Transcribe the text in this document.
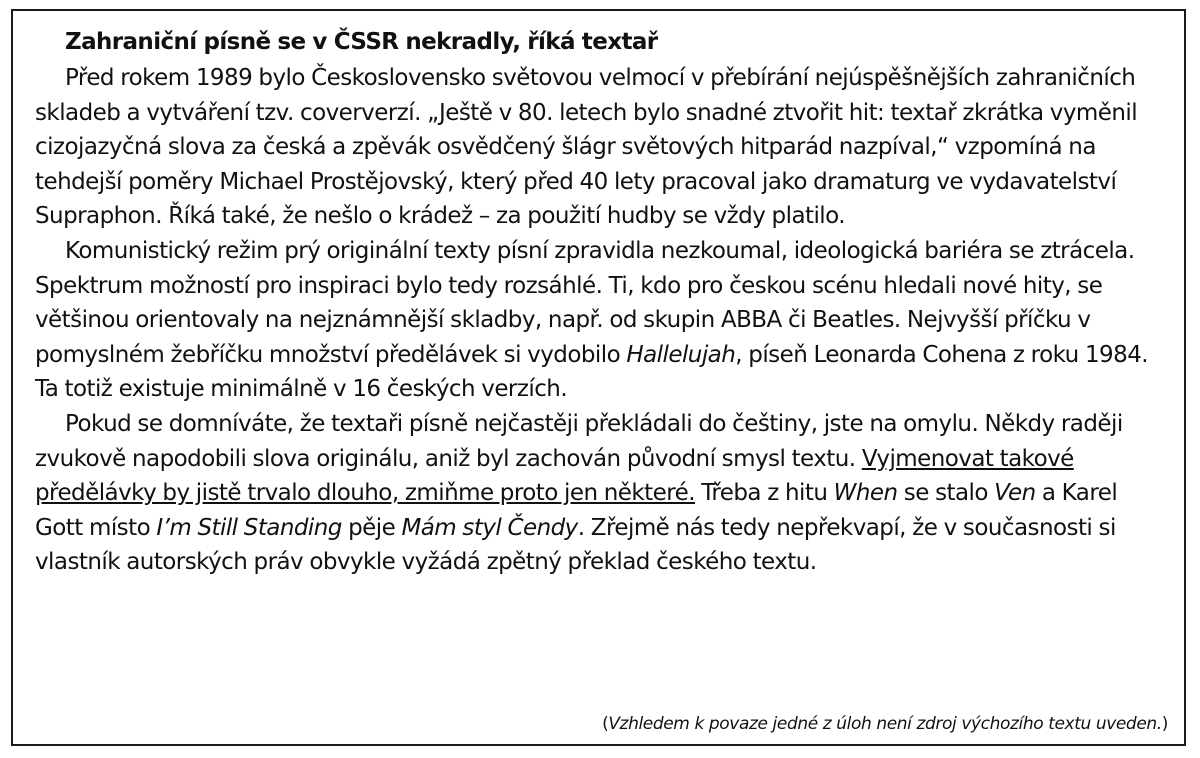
Zahraniční písně se v ČSSR nekradly, říká textař

Před rokem 1989 bylo Československo světovou velmocí v přebírání nejúspěšnějších zahraničních skladeb a vytváření tzv. coververzí. „Ještě v 80. letech bylo snadné ztvořit hit: textař zkrátka vyměnil cizojazyčná slova za česká a zpěvák osvědčený šlágr světových hitparád nazpíval,“ vzpomíná na tehdejší poměry Michael Prostějovský, který před 40 lety pracoval jako dramaturg ve vydavatelství Supraphon. Říká také, že nešlo o krádež – za použití hudby se vždy platilo.

Komunistický režim prý originální texty písní zpravidla nezkoumal, ideologická bariéra se ztrácela. Spektrum možností pro inspiraci bylo tedy rozsáhlé. Ti, kdo pro českou scénu hledali nové hity, se většinou orientovaly na nejznámnější skladby, např. od skupin ABBA či Beatles. Nejvyšší příčku v pomyslném žebříčku množství předělávek si vydobilo Hallelujah, píseň Leonarda Cohena z roku 1984. Ta totiž existuje minimálně v 16 českých verzích.

Pokud se domníváte, že textaři písně nejčastěji překládali do češtiny, jste na omylu. Někdy raději zvukově napodobili slova originálu, aniž byl zachován původní smysl textu. Vyjmenovat takové předělávky by jistě trvalo dlouho, zmiňme proto jen některé. Třeba z hitu When se stalo Ven a Karel Gott místo I’m Still Standing pěje Mám styl Čendy. Zřejmě nás tedy nepřekvapí, že v současnosti si vlastník autorských práv obvykle vyžádá zpětný překlad českého textu.

(Vzhledem k povaze jedné z úloh není zdroj výchozího textu uveden.)
